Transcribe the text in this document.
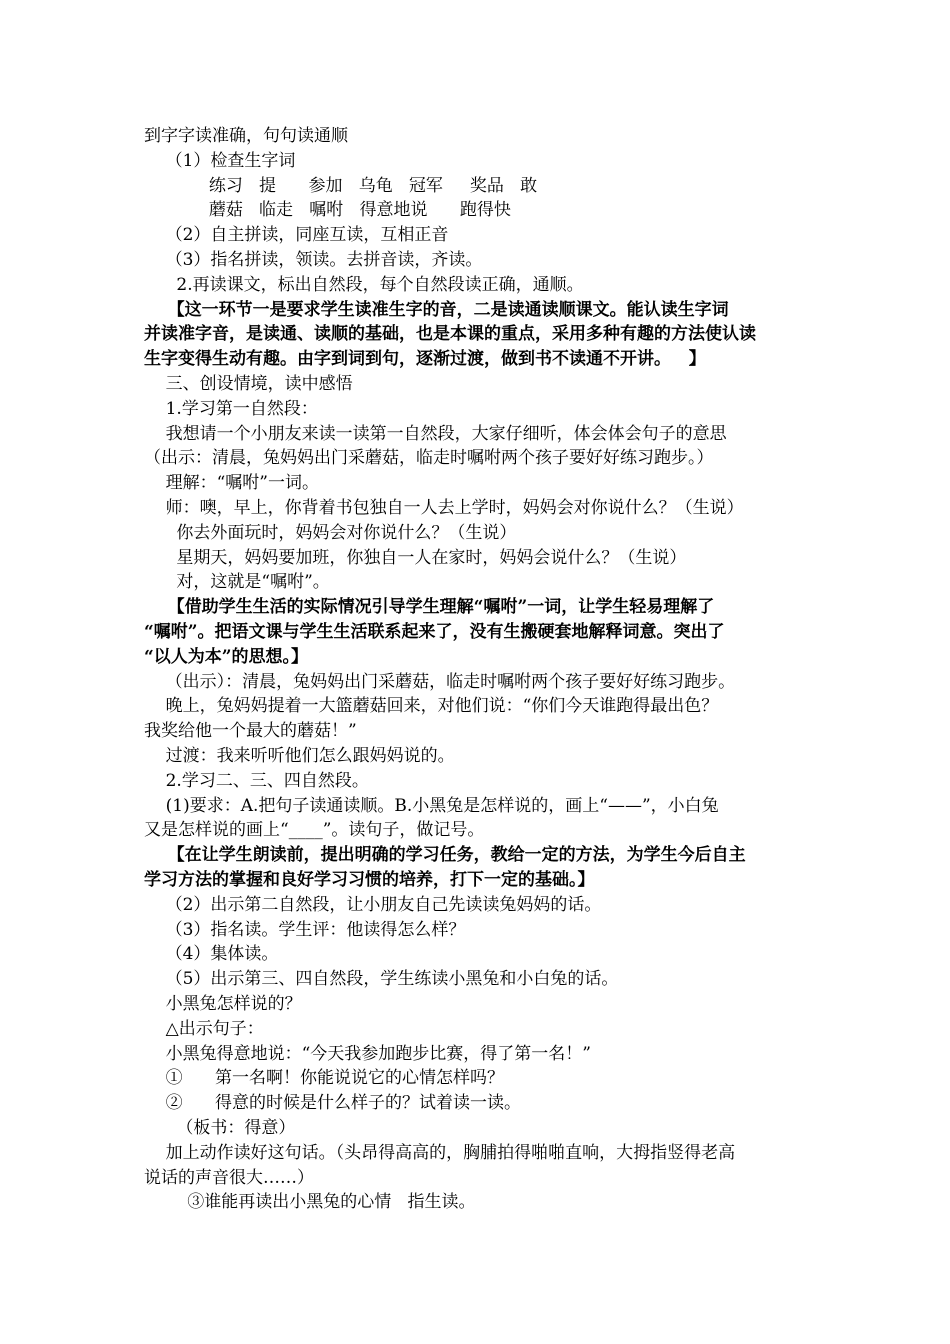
到字字读准确，句句读通顺
（1）检查生字词
练习   提      参加   乌龟   冠军     奖品   敢
蘑菇   临走   嘱咐   得意地说      跑得快
（2）自主拼读，同座互读，互相正音
（3）指名拼读，领读。去拼音读，齐读。
2.再读课文，标出自然段，每个自然段读正确，通顺。
【这一环节一是要求学生读准生字的音，二是读通读顺课文。能认读生字词
并读准字音，是读通、读顺的基础，也是本课的重点，采用多种有趣的方法使认读
生字变得生动有趣。由字到词到句，逐渐过渡，做到书不读通不开讲。   】
三、创设情境，读中感悟
1.学习第一自然段：
我想请一个小朋友来读一读第一自然段，大家仔细听，体会体会句子的意思
（出示：清晨，兔妈妈出门采蘑菇，临走时嘱咐两个孩子要好好练习跑步。）
理解：“嘱咐”一词。
师：噢，早上，你背着书包独自一人去上学时，妈妈会对你说什么？（生说）
你去外面玩时，妈妈会对你说什么？（生说）
星期天，妈妈要加班，你独自一人在家时，妈妈会说什么？（生说）
对，这就是“嘱咐”。
【借助学生生活的实际情况引导学生理解“嘱咐”一词，让学生轻易理解了
“嘱咐”。把语文课与学生生活联系起来了，没有生搬硬套地解释词意。突出了
“以人为本”的思想。】
（出示）：清晨，兔妈妈出门采蘑菇，临走时嘱咐两个孩子要好好练习跑步。
晚上，兔妈妈提着一大篮蘑菇回来，对他们说：“你们今天谁跑得最出色？
我奖给他一个最大的蘑菇！”
过渡：我来听听他们怎么跟妈妈说的。
2.学习二、三、四自然段。
(1)要求：A.把句子读通读顺。B.小黑兔是怎样说的，画上“——”，小白兔
又是怎样说的画上“____”。读句子，做记号。
【在让学生朗读前，提出明确的学习任务，教给一定的方法，为学生今后自主
学习方法的掌握和良好学习习惯的培养，打下一定的基础。】
（2）出示第二自然段，让小朋友自己先读读兔妈妈的话。
（3）指名读。学生评：他读得怎么样？
（4）集体读。
（5）出示第三、四自然段，学生练读小黑兔和小白兔的话。
小黑兔怎样说的？
△出示句子：
小黑兔得意地说：“今天我参加跑步比赛，得了第一名！”
①      第一名啊！你能说说它的心情怎样吗？
②      得意的时候是什么样子的？试着读一读。
（板书：得意）
加上动作读好这句话。（头昂得高高的，胸脯拍得啪啪直响，大拇指竖得老高
说话的声音很大……）
③谁能再读出小黑兔的心情   指生读。
